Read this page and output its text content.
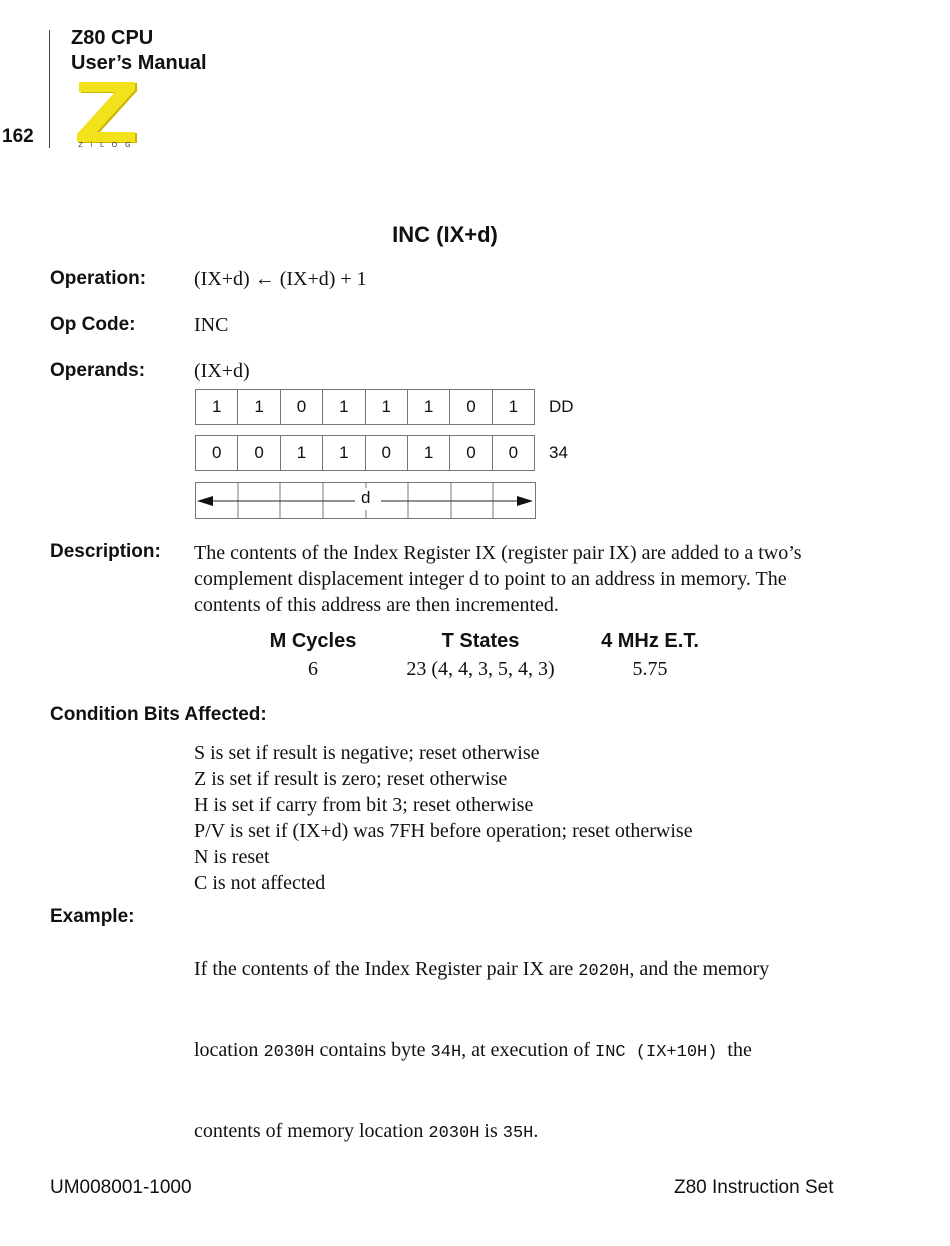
Z80 CPU
User’s Manual
162	Z i L O G
INC (IX+d)
Operation: (IX+d) ← (IX+d) + 1
Op Code:	INC
Operands: (IX+d)
1	1	0	1	1	1	0	1	DD
0	0	1	1	0	1	0	0	34
d
Description: The contents of the Index Register IX (register pair IX) are added to a two’s
complement displacement integer d to point to an address in memory. The
contents of this address are then incremented.
M Cycles	T States	4 MHz E.T.
6	23 (4, 4, 3, 5, 4, 3)	5.75
Condition Bits Affected:
S is set if result is negative; reset otherwise
Z is set if result is zero; reset otherwise
H is set if carry from bit 3; reset otherwise
P/V is set if (IX+d) was 7FH before operation; reset otherwise
N is reset
C is not affected
Example:

If the contents of the Index Register pair IX are 2020H, and the memory

location 2030H contains byte 34H, at execution of INC (IX+10H)  the

contents of memory location 2030H is 35H.

UM008001-1000	Z80 Instruction Set
